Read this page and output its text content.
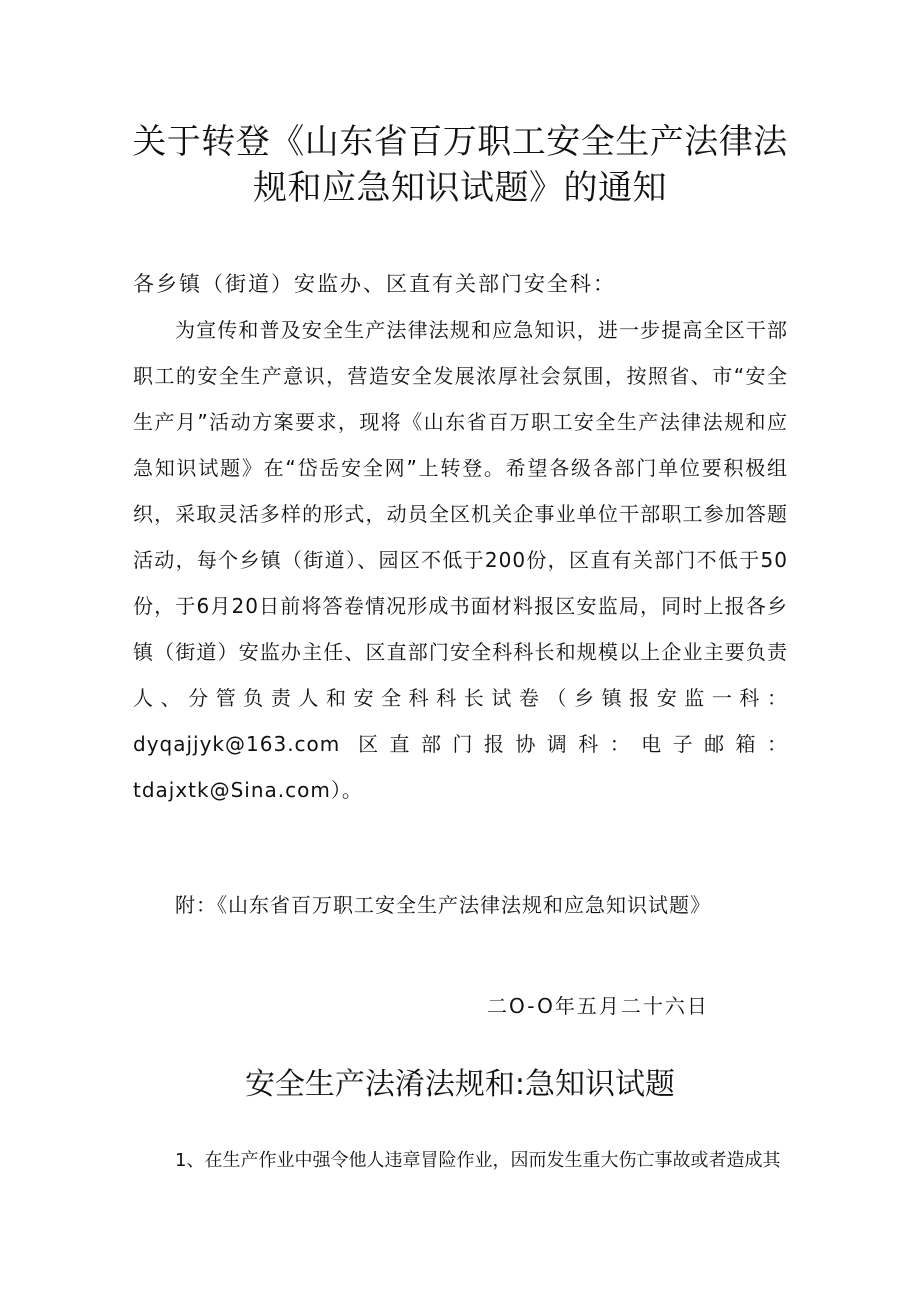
关于转登《山东省百万职工安全生产法律法
规和应急知识试题》的通知
各乡镇（街道）安监办、区直有关部门安全科：
为宣传和普及安全生产法律法规和应急知识，进一步提高全区干部职工的安全生产意识，营造安全发展浓厚社会氛围，按照省、市“安全生产月”活动方案要求，现将《山东省百万职工安全生产法律法规和应急知识试题》在“岱岳安全网”上转登。希望各级各部门单位要积极组织，采取灵活多样的形式，动员全区机关企事业单位干部职工参加答题活动，每个乡镇（街道）、园区不低于200份，区直有关部门不低于50份，于6月20日前将答卷情况形成书面材料报区安监局，同时上报各乡镇（街道）安监办主任、区直部门安全科科长和规模以上企业主要负责人、分管负责人和安全科科长试卷（乡镇报安监一科：dyqajjyk@163.com 区直部门报协调科：电子邮箱：tdajxtk@Sina.com）。
附：《山东省百万职工安全生产法律法规和应急知识试题》
二O-O年五月二十六日
安全生产法淆法规和:急知识试题
1、在生产作业中强令他人违章冒险作业，因而发生重大伤亡事故或者造成其
